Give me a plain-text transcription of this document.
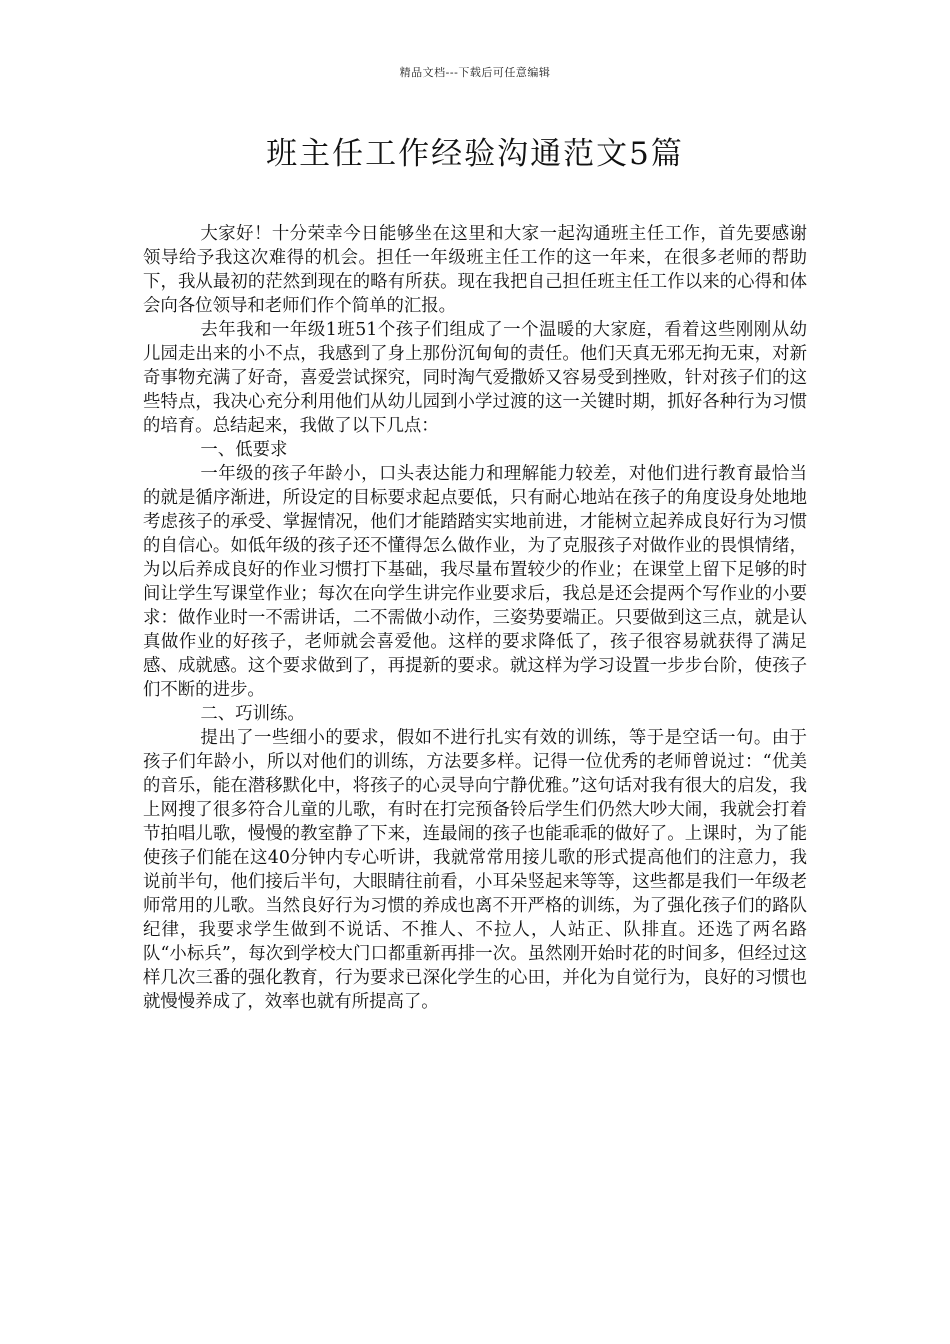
精品文档---下载后可任意编辑
班主任工作经验沟通范文5篇

大家好！十分荣幸今日能够坐在这里和大家一起沟通班主任工作，首先要感谢领导给予我这次难得的机会。担任一年级班主任工作的这一年来，在很多老师的帮助下，我从最初的茫然到现在的略有所获。现在我把自己担任班主任工作以来的心得和体会向各位领导和老师们作个简单的汇报。

去年我和一年级1班51个孩子们组成了一个温暖的大家庭，看着这些刚刚从幼儿园走出来的小不点，我感到了身上那份沉甸甸的责任。他们天真无邪无拘无束，对新奇事物充满了好奇，喜爱尝试探究，同时淘气爱撒娇又容易受到挫败，针对孩子们的这些特点，我决心充分利用他们从幼儿园到小学过渡的这一关键时期，抓好各种行为习惯的培育。总结起来，我做了以下几点：

一、低要求

一年级的孩子年龄小，口头表达能力和理解能力较差，对他们进行教育最恰当的就是循序渐进，所设定的目标要求起点要低，只有耐心地站在孩子的角度设身处地地考虑孩子的承受、掌握情况，他们才能踏踏实实地前进，才能树立起养成良好行为习惯的自信心。如低年级的孩子还不懂得怎么做作业，为了克服孩子对做作业的畏惧情绪，为以后养成良好的作业习惯打下基础，我尽量布置较少的作业；在课堂上留下足够的时间让学生写课堂作业；每次在向学生讲完作业要求后，我总是还会提两个写作业的小要求：做作业时一不需讲话，二不需做小动作，三姿势要端正。只要做到这三点，就是认真做作业的好孩子，老师就会喜爱他。这样的要求降低了，孩子很容易就获得了满足感、成就感。这个要求做到了，再提新的要求。就这样为学习设置一步步台阶，使孩子们不断的进步。

二、巧训练。

提出了一些细小的要求，假如不进行扎实有效的训练，等于是空话一句。由于孩子们年龄小，所以对他们的训练，方法要多样。记得一位优秀的老师曾说过：“优美的音乐，能在潜移默化中，将孩子的心灵导向宁静优雅。”这句话对我有很大的启发，我上网搜了很多符合儿童的儿歌，有时在打完预备铃后学生们仍然大吵大闹，我就会打着节拍唱儿歌，慢慢的教室静了下来，连最闹的孩子也能乖乖的做好了。上课时，为了能使孩子们能在这40分钟内专心听讲，我就常常用接儿歌的形式提高他们的注意力，我说前半句，他们接后半句，大眼睛往前看，小耳朵竖起来等等，这些都是我们一年级老师常用的儿歌。当然良好行为习惯的养成也离不开严格的训练，为了强化孩子们的路队纪律，我要求学生做到不说话、不推人、不拉人，人站正、队排直。还选了两名路队“小标兵”，每次到学校大门口都重新再排一次。虽然刚开始时花的时间多，但经过这样几次三番的强化教育，行为要求已深化学生的心田，并化为自觉行为，良好的习惯也就慢慢养成了，效率也就有所提高了。
